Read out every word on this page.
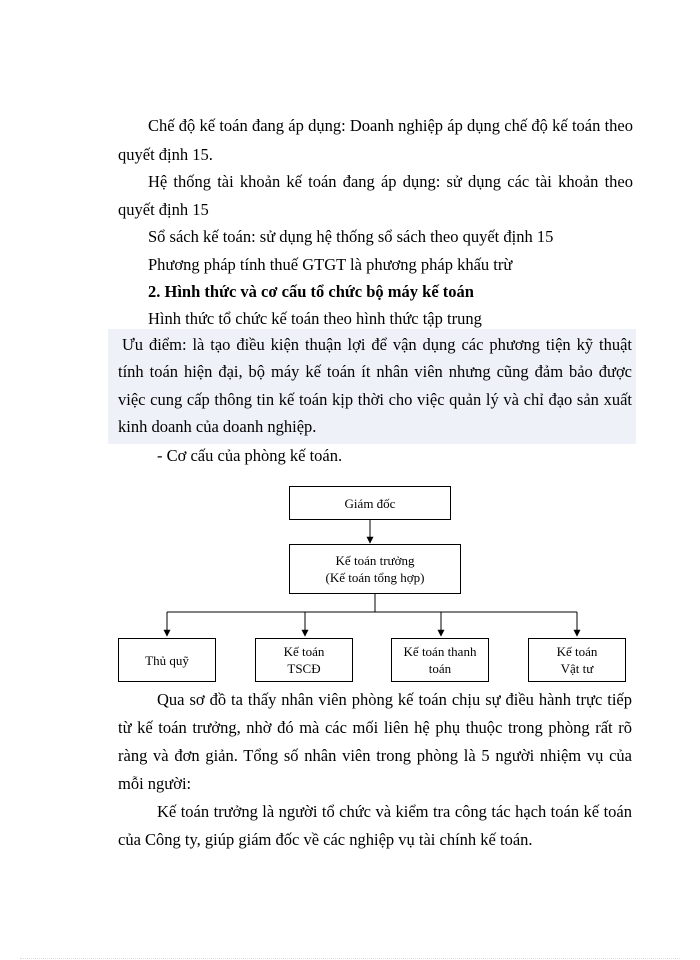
Chế độ kế toán đang áp dụng: Doanh nghiệp áp dụng chế độ kế toán theo
quyết định 15.
Hệ thống tài khoản kế toán đang áp dụng: sử dụng các tài khoản theo
quyết định 15
Sổ sách kế toán: sử dụng hệ thống sổ sách theo quyết định 15
Phương pháp tính thuế GTGT là phương pháp khấu trừ
2. Hình thức và cơ cấu tổ chức bộ máy kế toán
Hình thức tổ chức kế toán theo hình thức tập trung
Ưu điểm: là tạo điều kiện thuận lợi để vận dụng các phương tiện kỹ thuật
tính toán hiện đại, bộ máy kế toán ít nhân viên nhưng cũng đảm bảo được
việc cung cấp thông tin kế toán kịp thời cho việc quản lý và chỉ đạo sản xuất
kinh doanh của doanh nghiệp.
- Cơ cấu của phòng kế toán.
Giám đốc
Kế toán trưởng
(Kế toán tổng hợp)
Thủ quỹ
Kế toán
TSCĐ
Kế toán thanh
toán
Kế toán
Vật tư
Qua sơ đồ ta thấy nhân viên phòng kế toán chịu sự điều hành trực tiếp
từ kế toán trưởng, nhờ đó mà các mối liên hệ phụ thuộc trong phòng rất rõ
ràng và đơn giản. Tổng số nhân viên trong phòng là 5 người nhiệm vụ của
mỗi người:
Kế toán trưởng là người tổ chức và kiểm tra công tác hạch toán kế toán
của Công ty, giúp giám đốc về các nghiệp vụ tài chính kế toán.
